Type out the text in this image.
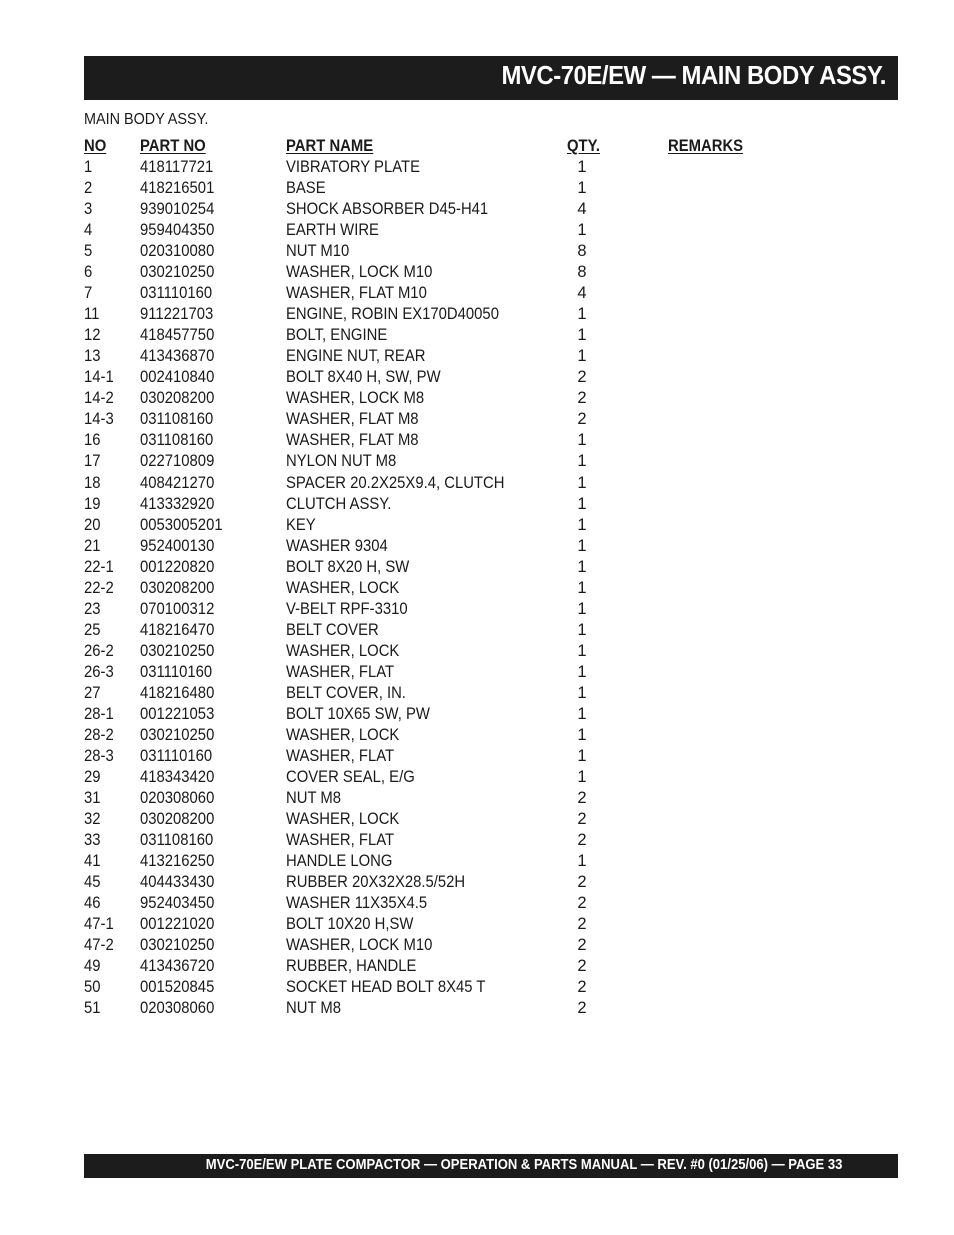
MVC-70E/EW — MAIN BODY ASSY.
MAIN BODY ASSY.
NO PART NO	PART NAME	QTY.	REMARKS
1	418117721	VIBRATORY PLATE	1
2	418216501	BASE	1
3	939010254	SHOCK ABSORBER D45-H41	4
4	959404350	EARTH WIRE	1
5	020310080	NUT M10	8
6	030210250	WASHER, LOCK M10	8
7	031110160	WASHER, FLAT M10	4
11 911221703	ENGINE, ROBIN EX170D40050	1
12 418457750	BOLT, ENGINE	1
13 413436870	ENGINE NUT, REAR	1
14-1 002410840	BOLT 8X40 H, SW, PW	2
14-2 030208200	WASHER, LOCK M8	2
14-3 031108160	WASHER, FLAT M8	2
16 031108160	WASHER, FLAT M8	1
17 022710809	NYLON NUT M8	1
18 408421270	SPACER 20.2X25X9.4, CLUTCH	1
19 413332920	CLUTCH ASSY.	1
20 0053005201	KEY	1
21 952400130	WASHER 9304	1
22-1 001220820	BOLT 8X20 H, SW	1
22-2 030208200	WASHER, LOCK	1
23 070100312	V-BELT RPF-3310	1
25 418216470	BELT COVER	1
26-2 030210250	WASHER, LOCK	1
26-3 031110160	WASHER, FLAT	1
27 418216480	BELT COVER, IN.	1
28-1 001221053	BOLT 10X65 SW, PW	1
28-2 030210250	WASHER, LOCK	1
28-3 031110160	WASHER, FLAT	1
29 418343420	COVER SEAL, E/G	1
31 020308060	NUT M8	2
32 030208200	WASHER, LOCK	2
33 031108160	WASHER, FLAT	2
41 413216250	HANDLE LONG	1
45 404433430	RUBBER 20X32X28.5/52H	2
46 952403450	WASHER 11X35X4.5	2
47-1 001221020	BOLT 10X20 H,SW	2
47-2 030210250	WASHER, LOCK M10	2
49 413436720	RUBBER, HANDLE	2
50 001520845	SOCKET HEAD BOLT 8X45 T	2
51 020308060	NUT M8	2
MVC-70E/EW PLATE COMPACTOR — OPERATION & PARTS MANUAL — REV. #0 (01/25/06) — PAGE 33
